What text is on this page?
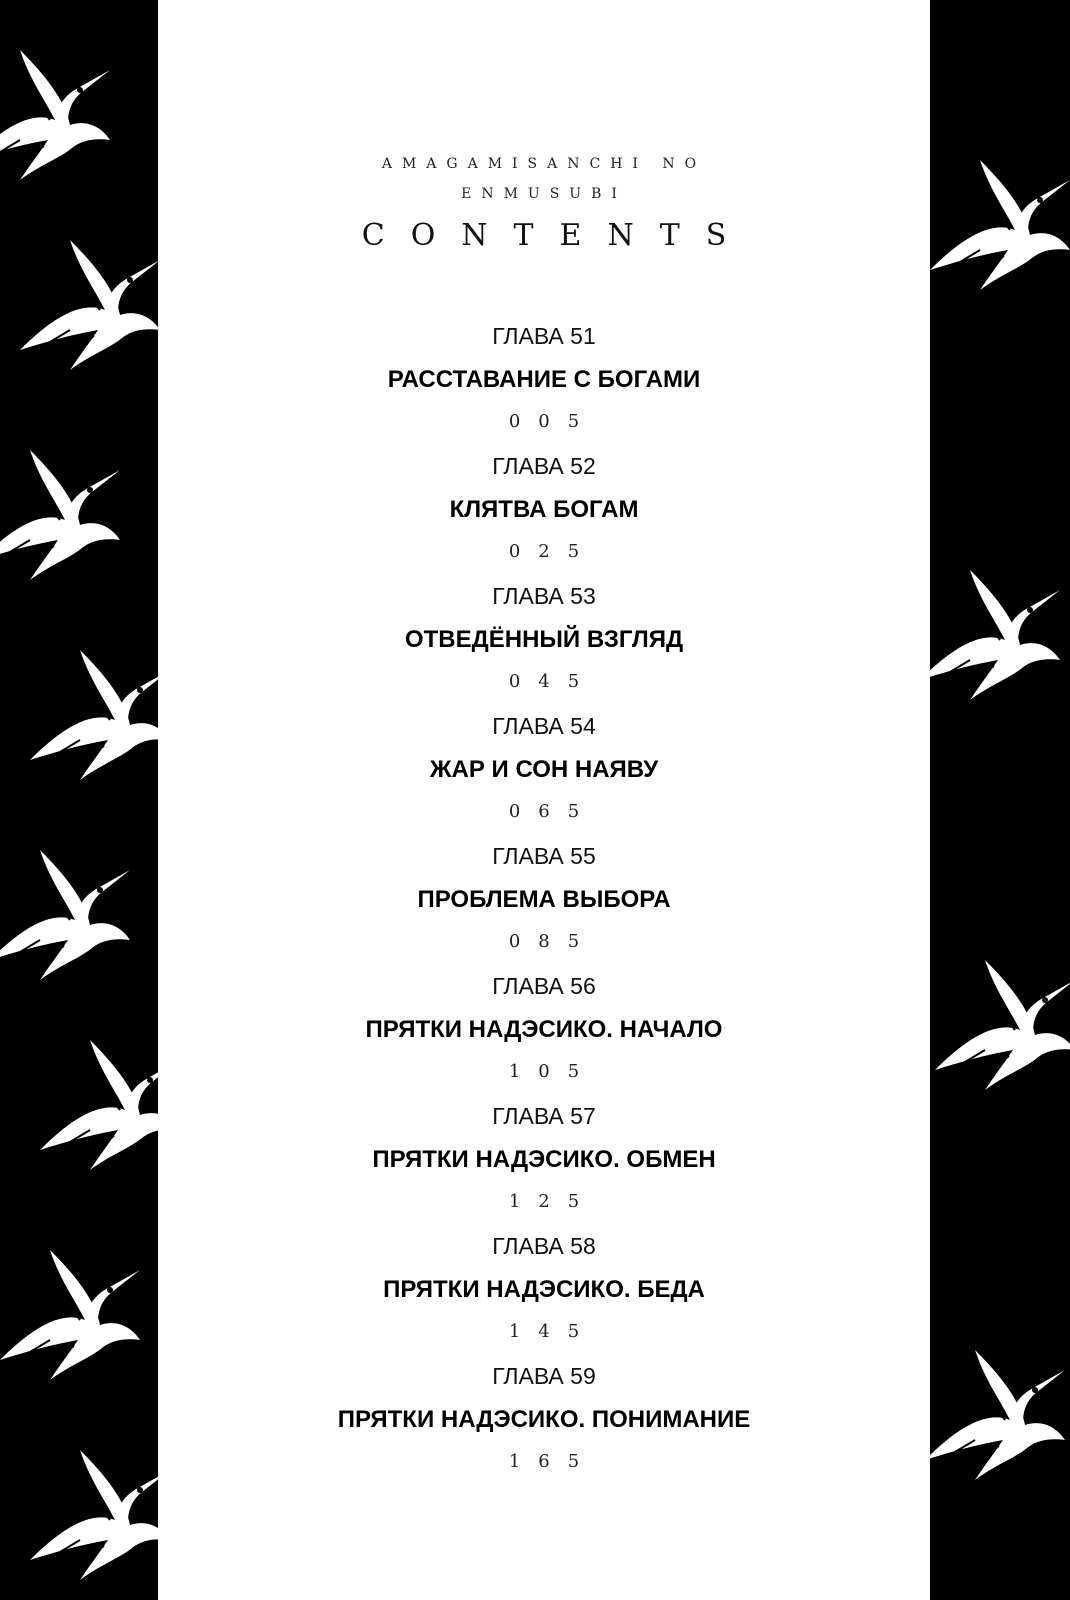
AMAGAMISANCHI NO
ENMUSUBI
CONTENTS
ГЛАВА 51
РАССТАВАНИЕ С БОГАМИ
005
ГЛАВА 52
КЛЯТВА БОГАМ
025
ГЛАВА 53
ОТВЕДЁННЫЙ ВЗГЛЯД
045
ГЛАВА 54
ЖАР И СОН НАЯВУ
065
ГЛАВА 55
ПРОБЛЕМА ВЫБОРА
085
ГЛАВА 56
ПРЯТКИ НАДЭСИКО. НАЧАЛО
105
ГЛАВА 57
ПРЯТКИ НАДЭСИКО. ОБМЕН
125
ГЛАВА 58
ПРЯТКИ НАДЭСИКО. БЕДА
145
ГЛАВА 59
ПРЯТКИ НАДЭСИКО. ПОНИМАНИЕ
165
